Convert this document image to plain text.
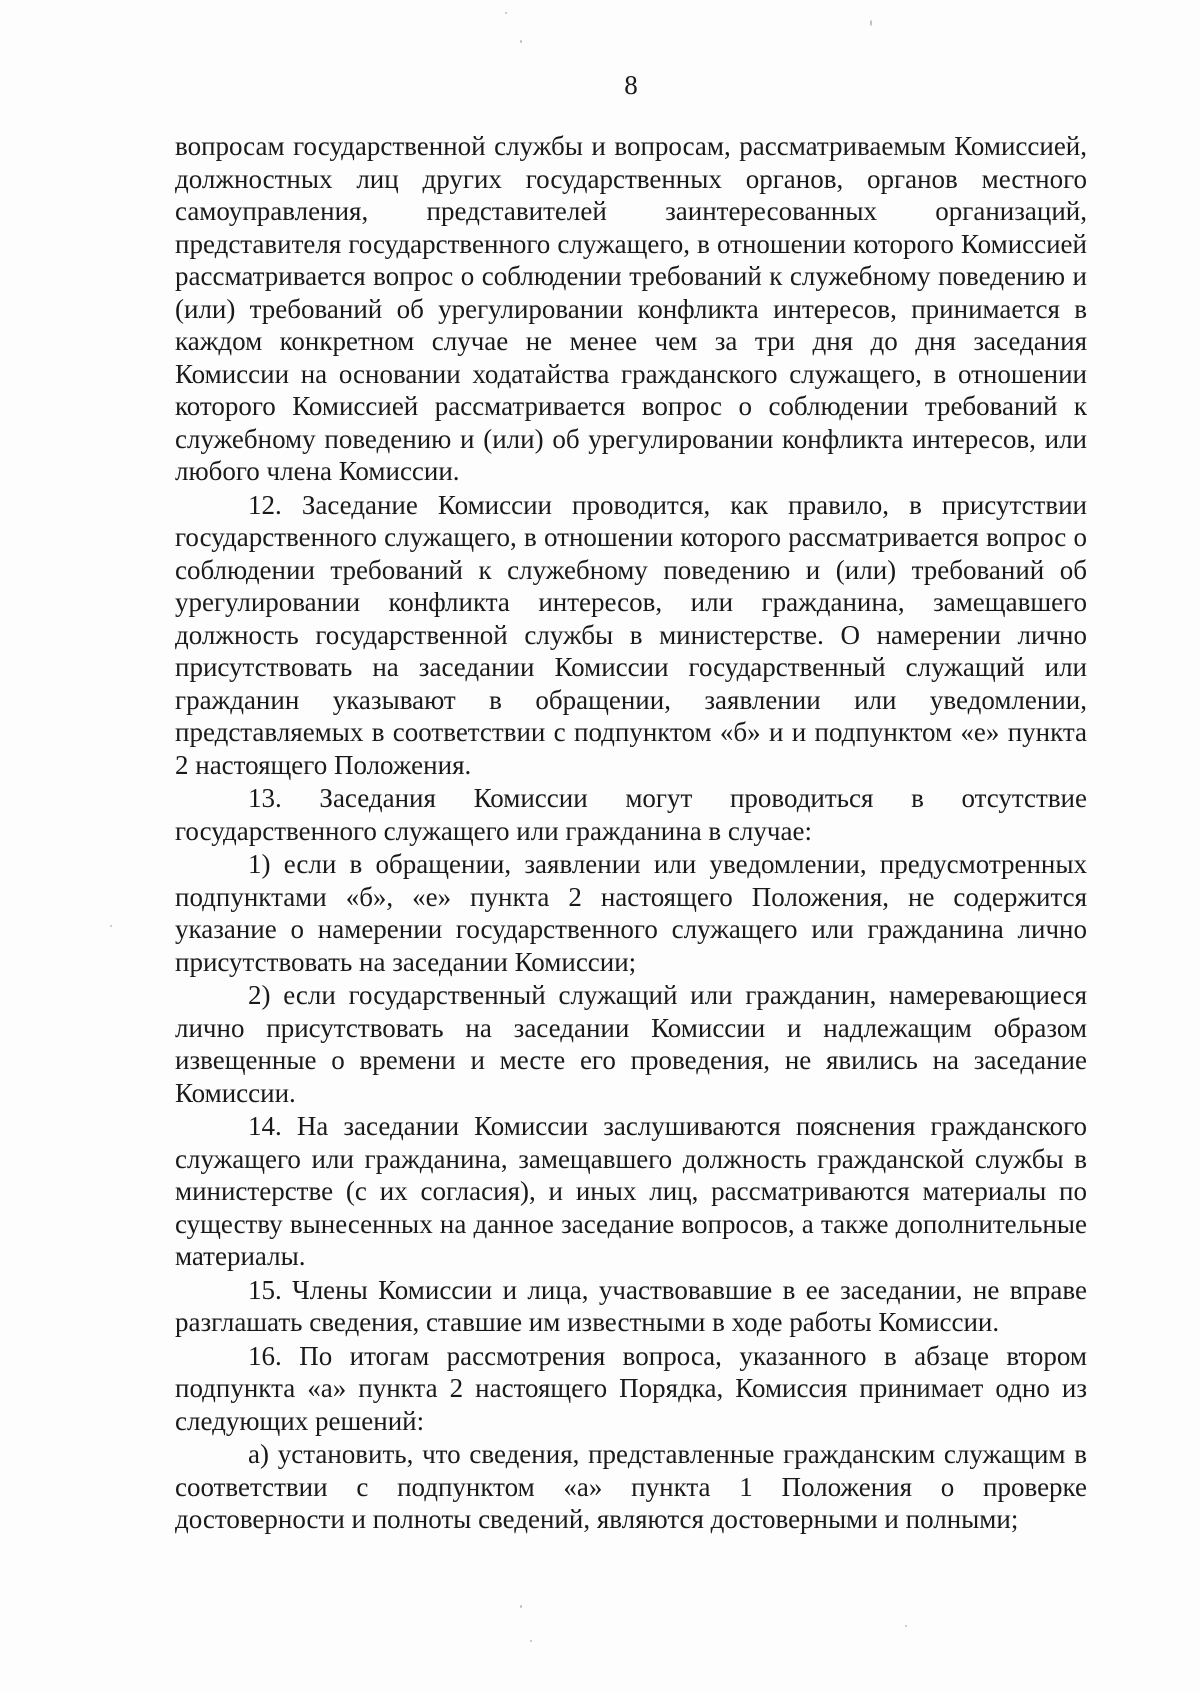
8

вопросам государственной службы и вопросам, рассматриваемым Комиссией, должностных лиц других государственных органов, органов местного самоуправления, представителей заинтересованных организаций, представителя государственного служащего, в отношении которого Комиссией рассматривается вопрос о соблюдении требований к служебному поведению и (или) требований об урегулировании конфликта интересов, принимается в каждом конкретном случае не менее чем за три дня до дня заседания Комиссии на основании ходатайства гражданского служащего, в отношении которого Комиссией рассматривается вопрос о соблюдении требований к служебному поведению и (или) об урегулировании конфликта интересов, или любого члена Комиссии.

12. Заседание Комиссии проводится, как правило, в присутствии государственного служащего, в отношении которого рассматривается вопрос о соблюдении требований к служебному поведению и (или) требований об урегулировании конфликта интересов, или гражданина, замещавшего должность государственной службы в министерстве. О намерении лично присутствовать на заседании Комиссии государственный служащий или гражданин указывают в обращении, заявлении или уведомлении, представляемых в соответствии с подпунктом «б» и и подпунктом «е» пункта 2 настоящего Положения.

13. Заседания Комиссии могут проводиться в отсутствие государственного служащего или гражданина в случае:

1) если в обращении, заявлении или уведомлении, предусмотренных подпунктами «б», «е» пункта 2 настоящего Положения, не содержится указание о намерении государственного служащего или гражданина лично присутствовать на заседании Комиссии;

2) если государственный служащий или гражданин, намеревающиеся лично присутствовать на заседании Комиссии и надлежащим образом извещенные о времени и месте его проведения, не явились на заседание Комиссии.

14. На заседании Комиссии заслушиваются пояснения гражданского служащего или гражданина, замещавшего должность гражданской службы в министерстве (с их согласия), и иных лиц, рассматриваются материалы по существу вынесенных на данное заседание вопросов, а также дополнительные материалы.

15. Члены Комиссии и лица, участвовавшие в ее заседании, не вправе разглашать сведения, ставшие им известными в ходе работы Комиссии.

16. По итогам рассмотрения вопроса, указанного в абзаце втором подпункта «а» пункта 2 настоящего Порядка, Комиссия принимает одно из следующих решений:

а) установить, что сведения, представленные гражданским служащим в соответствии с подпунктом «а» пункта 1 Положения о проверке достоверности и полноты сведений, являются достоверными и полными;
